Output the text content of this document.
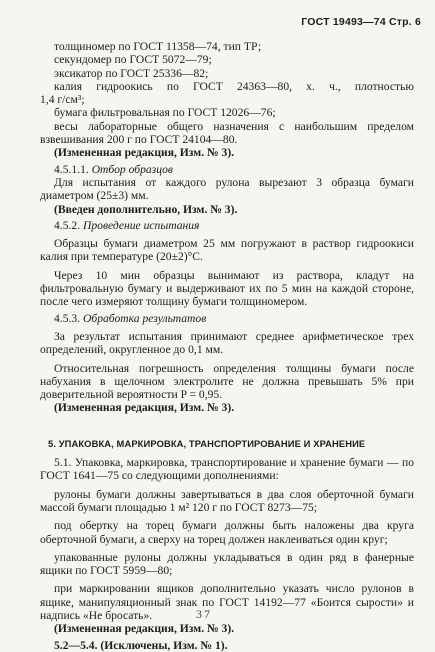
ГОСТ 19493—74 Стр. 6

толщиномер по ГОСТ 11358—74, тип ТР;

секундомер по ГОСТ 5072—79;

эксикатор по ГОСТ 25336—82;

калия гидроокись по ГОСТ 24363—80, х. ч., плотностью

1,4 г/см³;

бумага фильтровальная по ГОСТ 12026—76;

весы лабораторные общего назначения с наибольшим пределом взвешивания 200 г по ГОСТ 24104—80.

(Измененная редакция, Изм. № 3).

4.5.1.1. Отбор образцов

Для испытания от каждого рулона вырезают 3 образца бумаги диаметром (25±3) мм.

(Введен дополнительно, Изм. № 3).

4.5.2. Проведение испытания

Образцы бумаги диаметром 25 мм погружают в раствор гидроокиси калия при температуре (20±2)°С.

Через 10 мин образцы вынимают из раствора, кладут на фильтровальную бумагу и выдерживают их по 5 мин на каждой стороне, после чего измеряют толщину бумаги толщиномером.

4.5.3. Обработка результатов

За результат испытания принимают среднее арифметическое трех определений, округленное до 0,1 мм.

Относительная погрешность определения толщины бумаги после набухания в щелочном электролите не должна превышать 5% при доверительной вероятности P = 0,95.

(Измененная редакция, Изм. № 3).

5. УПАКОВКА, МАРКИРОВКА, ТРАНСПОРТИРОВАНИЕ И ХРАНЕНИЕ

5.1. Упаковка, маркировка, транспортирование и хранение бумаги — по ГОСТ 1641—75 со следующими дополнениями:

рулоны бумаги должны завертываться в два слоя оберточной бумаги массой бумаги площадью 1 м² 120 г по ГОСТ 8273—75;

под обертку на торец бумаги должны быть наложены два круга оберточной бумаги, а сверху на торец должен наклеиваться один круг;

упакованные рулоны должны укладываться в один ряд в фанерные ящики по ГОСТ 5959—80;

при маркировании ящиков дополнительно указать число рулонов в ящике, манипуляционный знак по ГОСТ 14192—77 «Боится сырости» и надпись «Не бросать».

(Измененная редакция, Изм. № 3).

5.2—5.4. (Исключены, Изм. № 1).

37
